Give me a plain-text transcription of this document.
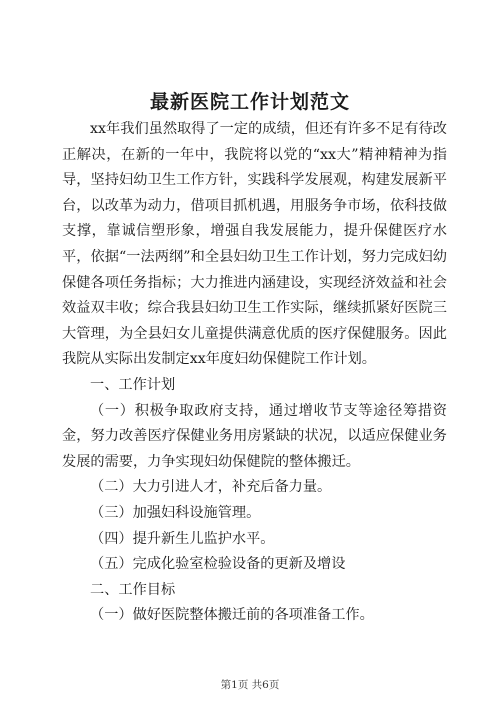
最新医院工作计划范文

xx年我们虽然取得了一定的成绩，但还有许多不足有待改正解决，在新的一年中，我院将以党的“xx大”精神精神为指导，坚持妇幼卫生工作方针，实践科学发展观，构建发展新平台，以改革为动力，借项目抓机遇，用服务争市场，依科技做支撑，靠诚信塑形象，增强自我发展能力，提升保健医疗水平，依据“一法两纲”和全县妇幼卫生工作计划，努力完成妇幼保健各项任务指标；大力推进内涵建设，实现经济效益和社会效益双丰收；综合我县妇幼卫生工作实际，继续抓紧好医院三大管理，为全县妇女儿童提供满意优质的医疗保健服务。因此我院从实际出发制定xx年度妇幼保健院工作计划。

一、工作计划

（一）积极争取政府支持，通过增收节支等途径筹措资金，努力改善医疗保健业务用房紧缺的状况，以适应保健业务发展的需要，力争实现妇幼保健院的整体搬迁。

（二）大力引进人才，补充后备力量。

（三）加强妇科设施管理。

（四）提升新生儿监护水平。

（五）完成化验室检验设备的更新及增设

二、工作目标

（一）做好医院整体搬迁前的各项准备工作。

第1页 共6页
